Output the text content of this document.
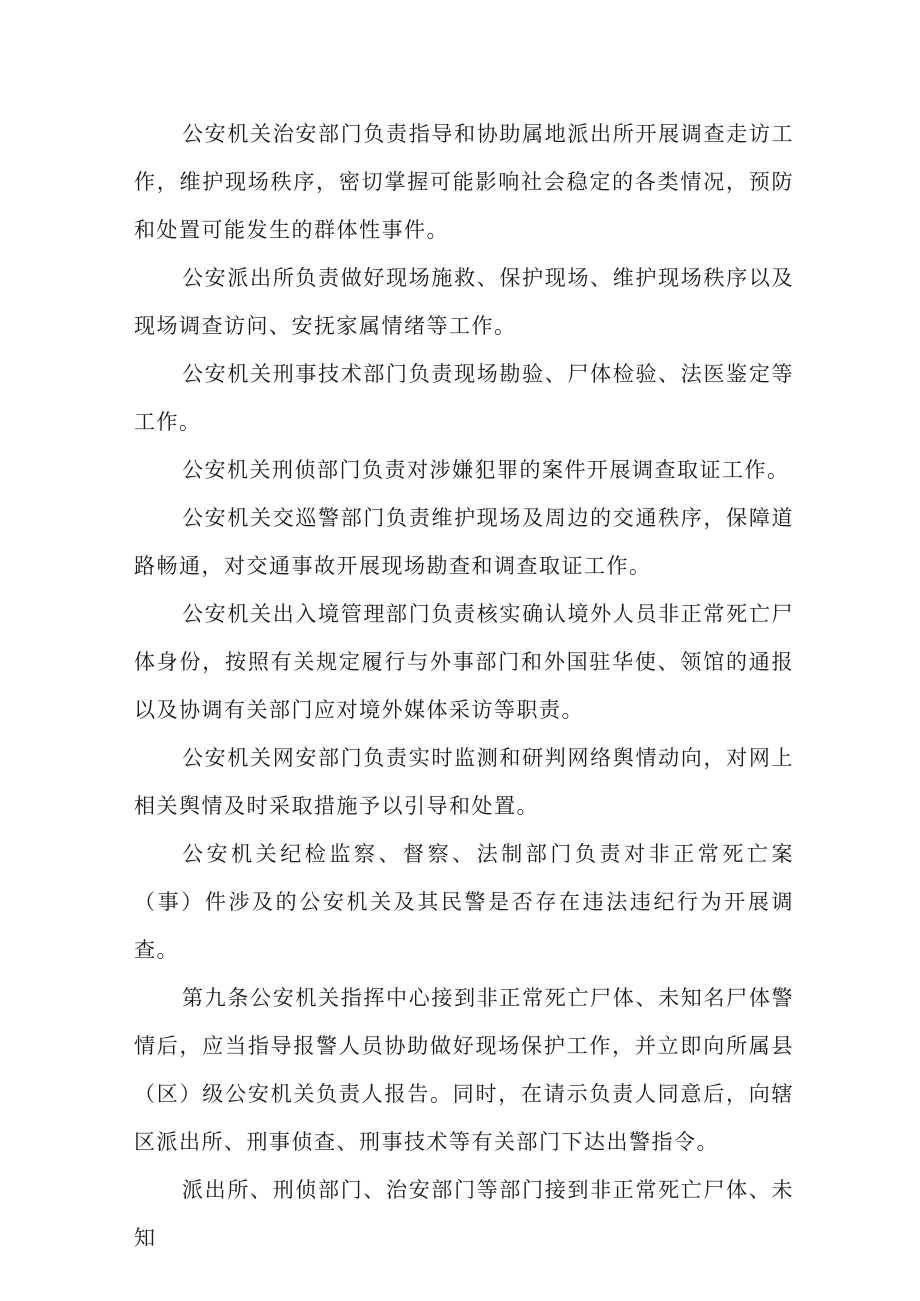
公安机关治安部门负责指导和协助属地派出所开展调查走访工作，维护现场秩序，密切掌握可能影响社会稳定的各类情况，预防和处置可能发生的群体性事件。

公安派出所负责做好现场施救、保护现场、维护现场秩序以及现场调查访问、安抚家属情绪等工作。

公安机关刑事技术部门负责现场勘验、尸体检验、法医鉴定等工作。

公安机关刑侦部门负责对涉嫌犯罪的案件开展调查取证工作。

公安机关交巡警部门负责维护现场及周边的交通秩序，保障道路畅通，对交通事故开展现场勘查和调查取证工作。

公安机关出入境管理部门负责核实确认境外人员非正常死亡尸体身份，按照有关规定履行与外事部门和外国驻华使、领馆的通报以及协调有关部门应对境外媒体采访等职责。

公安机关网安部门负责实时监测和研判网络舆情动向，对网上相关舆情及时采取措施予以引导和处置。

公安机关纪检监察、督察、法制部门负责对非正常死亡案（事）件涉及的公安机关及其民警是否存在违法违纪行为开展调查。

第九条公安机关指挥中心接到非正常死亡尸体、未知名尸体警情后，应当指导报警人员协助做好现场保护工作，并立即向所属县（区）级公安机关负责人报告。同时，在请示负责人同意后，向辖区派出所、刑事侦查、刑事技术等有关部门下达出警指令。

派出所、刑侦部门、治安部门等部门接到非正常死亡尸体、未知
